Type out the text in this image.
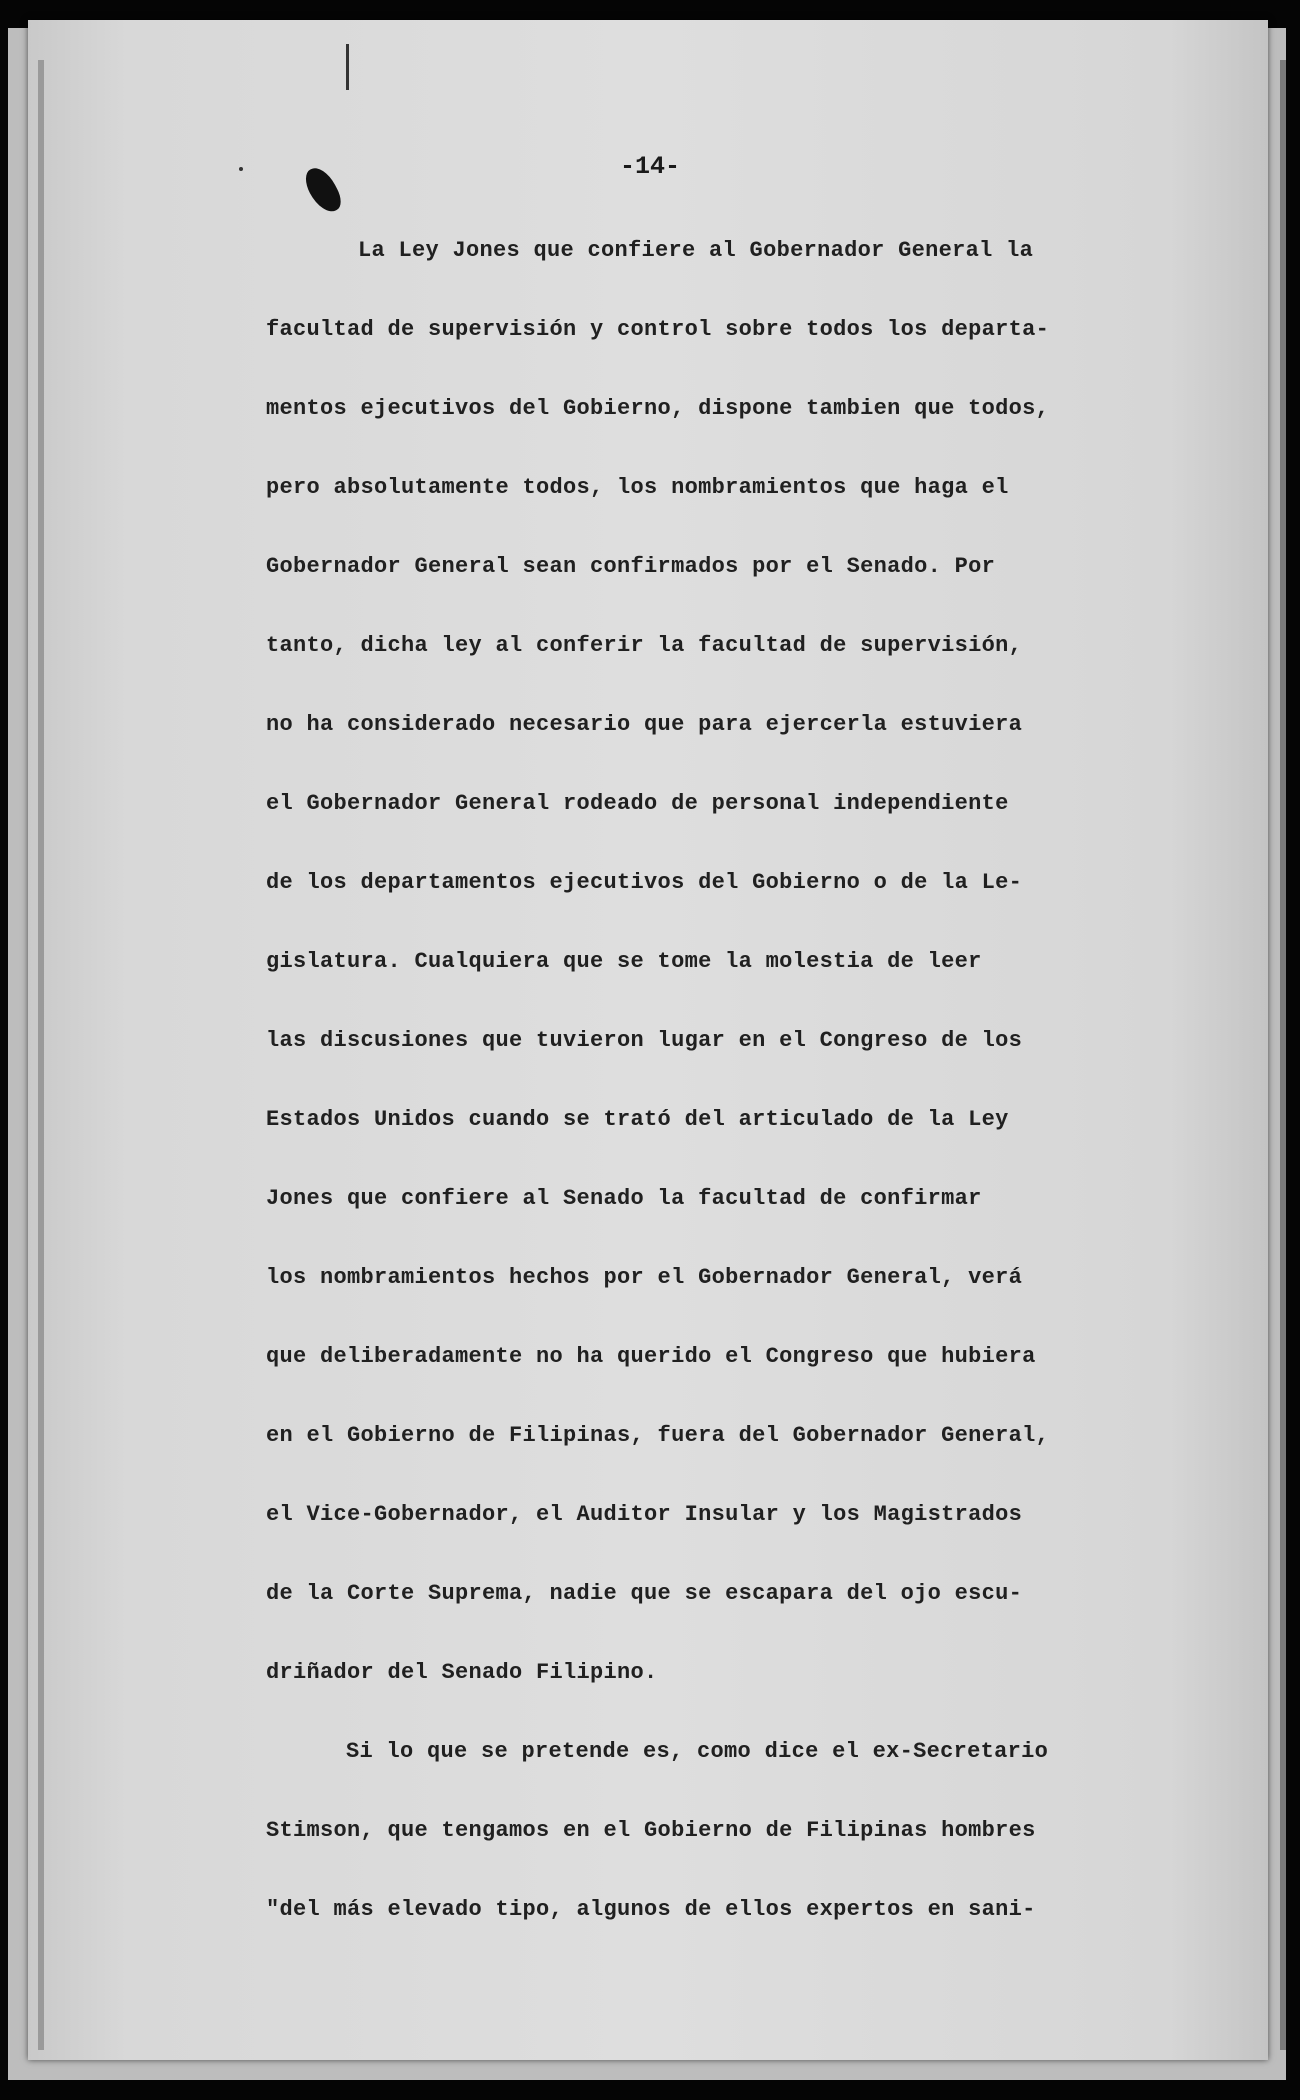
-14-
La Ley Jones que confiere al Gobernador General la
facultad de supervisión y control sobre todos los departa-
mentos ejecutivos del Gobierno, dispone tambien que todos,
pero absolutamente todos, los nombramientos que haga el
Gobernador General sean confirmados por el Senado. Por
tanto, dicha ley al conferir la facultad de supervisión,
no ha considerado necesario que para ejercerla estuviera
el Gobernador General rodeado de personal independiente
de los departamentos ejecutivos del Gobierno o de la Le-
gislatura. Cualquiera que se tome la molestia de leer
las discusiones que tuvieron lugar en el Congreso de los
Estados Unidos cuando se trató del articulado de la Ley
Jones que confiere al Senado la facultad de confirmar
los nombramientos hechos por el Gobernador General, verá
que deliberadamente no ha querido el Congreso que hubiera
en el Gobierno de Filipinas, fuera del Gobernador General,
el Vice-Gobernador, el Auditor Insular y los Magistrados
de la Corte Suprema, nadie que se escapara del ojo escu-
driñador del Senado Filipino.
Si lo que se pretende es, como dice el ex-Secretario
Stimson, que tengamos en el Gobierno de Filipinas hombres
"del más elevado tipo, algunos de ellos expertos en sani-
